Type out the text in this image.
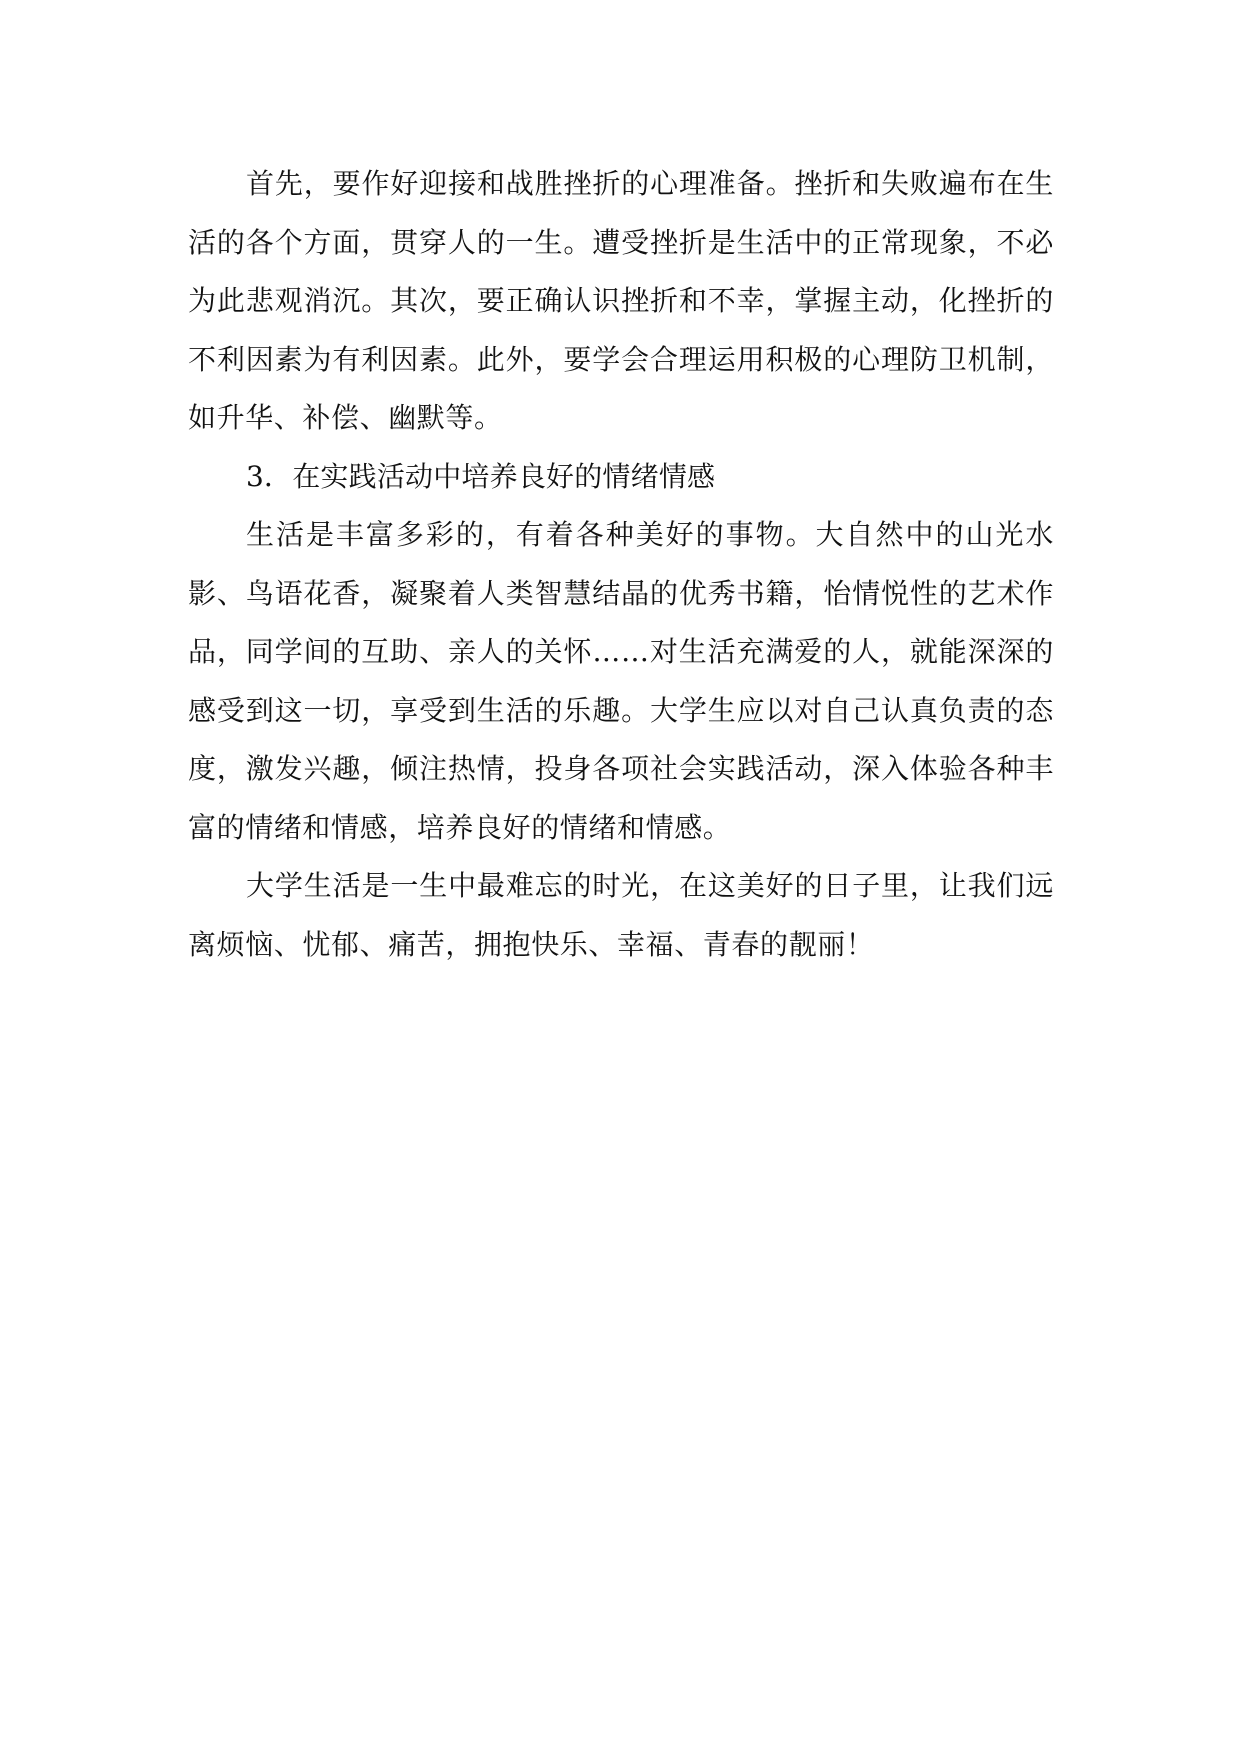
首先，要作好迎接和战胜挫折的心理准备。挫折和失败遍布在生活的各个方面，贯穿人的一生。遭受挫折是生活中的正常现象，不必为此悲观消沉。其次，要正确认识挫折和不幸，掌握主动，化挫折的不利因素为有利因素。此外，要学会合理运用积极的心理防卫机制，如升华、补偿、幽默等。

3．在实践活动中培养良好的情绪情感

生活是丰富多彩的，有着各种美好的事物。大自然中的山光水影、鸟语花香，凝聚着人类智慧结晶的优秀书籍，怡情悦性的艺术作品，同学间的互助、亲人的关怀……对生活充满爱的人，就能深深的感受到这一切，享受到生活的乐趣。大学生应以对自己认真负责的态度，激发兴趣，倾注热情，投身各项社会实践活动，深入体验各种丰富的情绪和情感，培养良好的情绪和情感。

大学生活是一生中最难忘的时光，在这美好的日子里，让我们远离烦恼、忧郁、痛苦，拥抱快乐、幸福、青春的靓丽！
